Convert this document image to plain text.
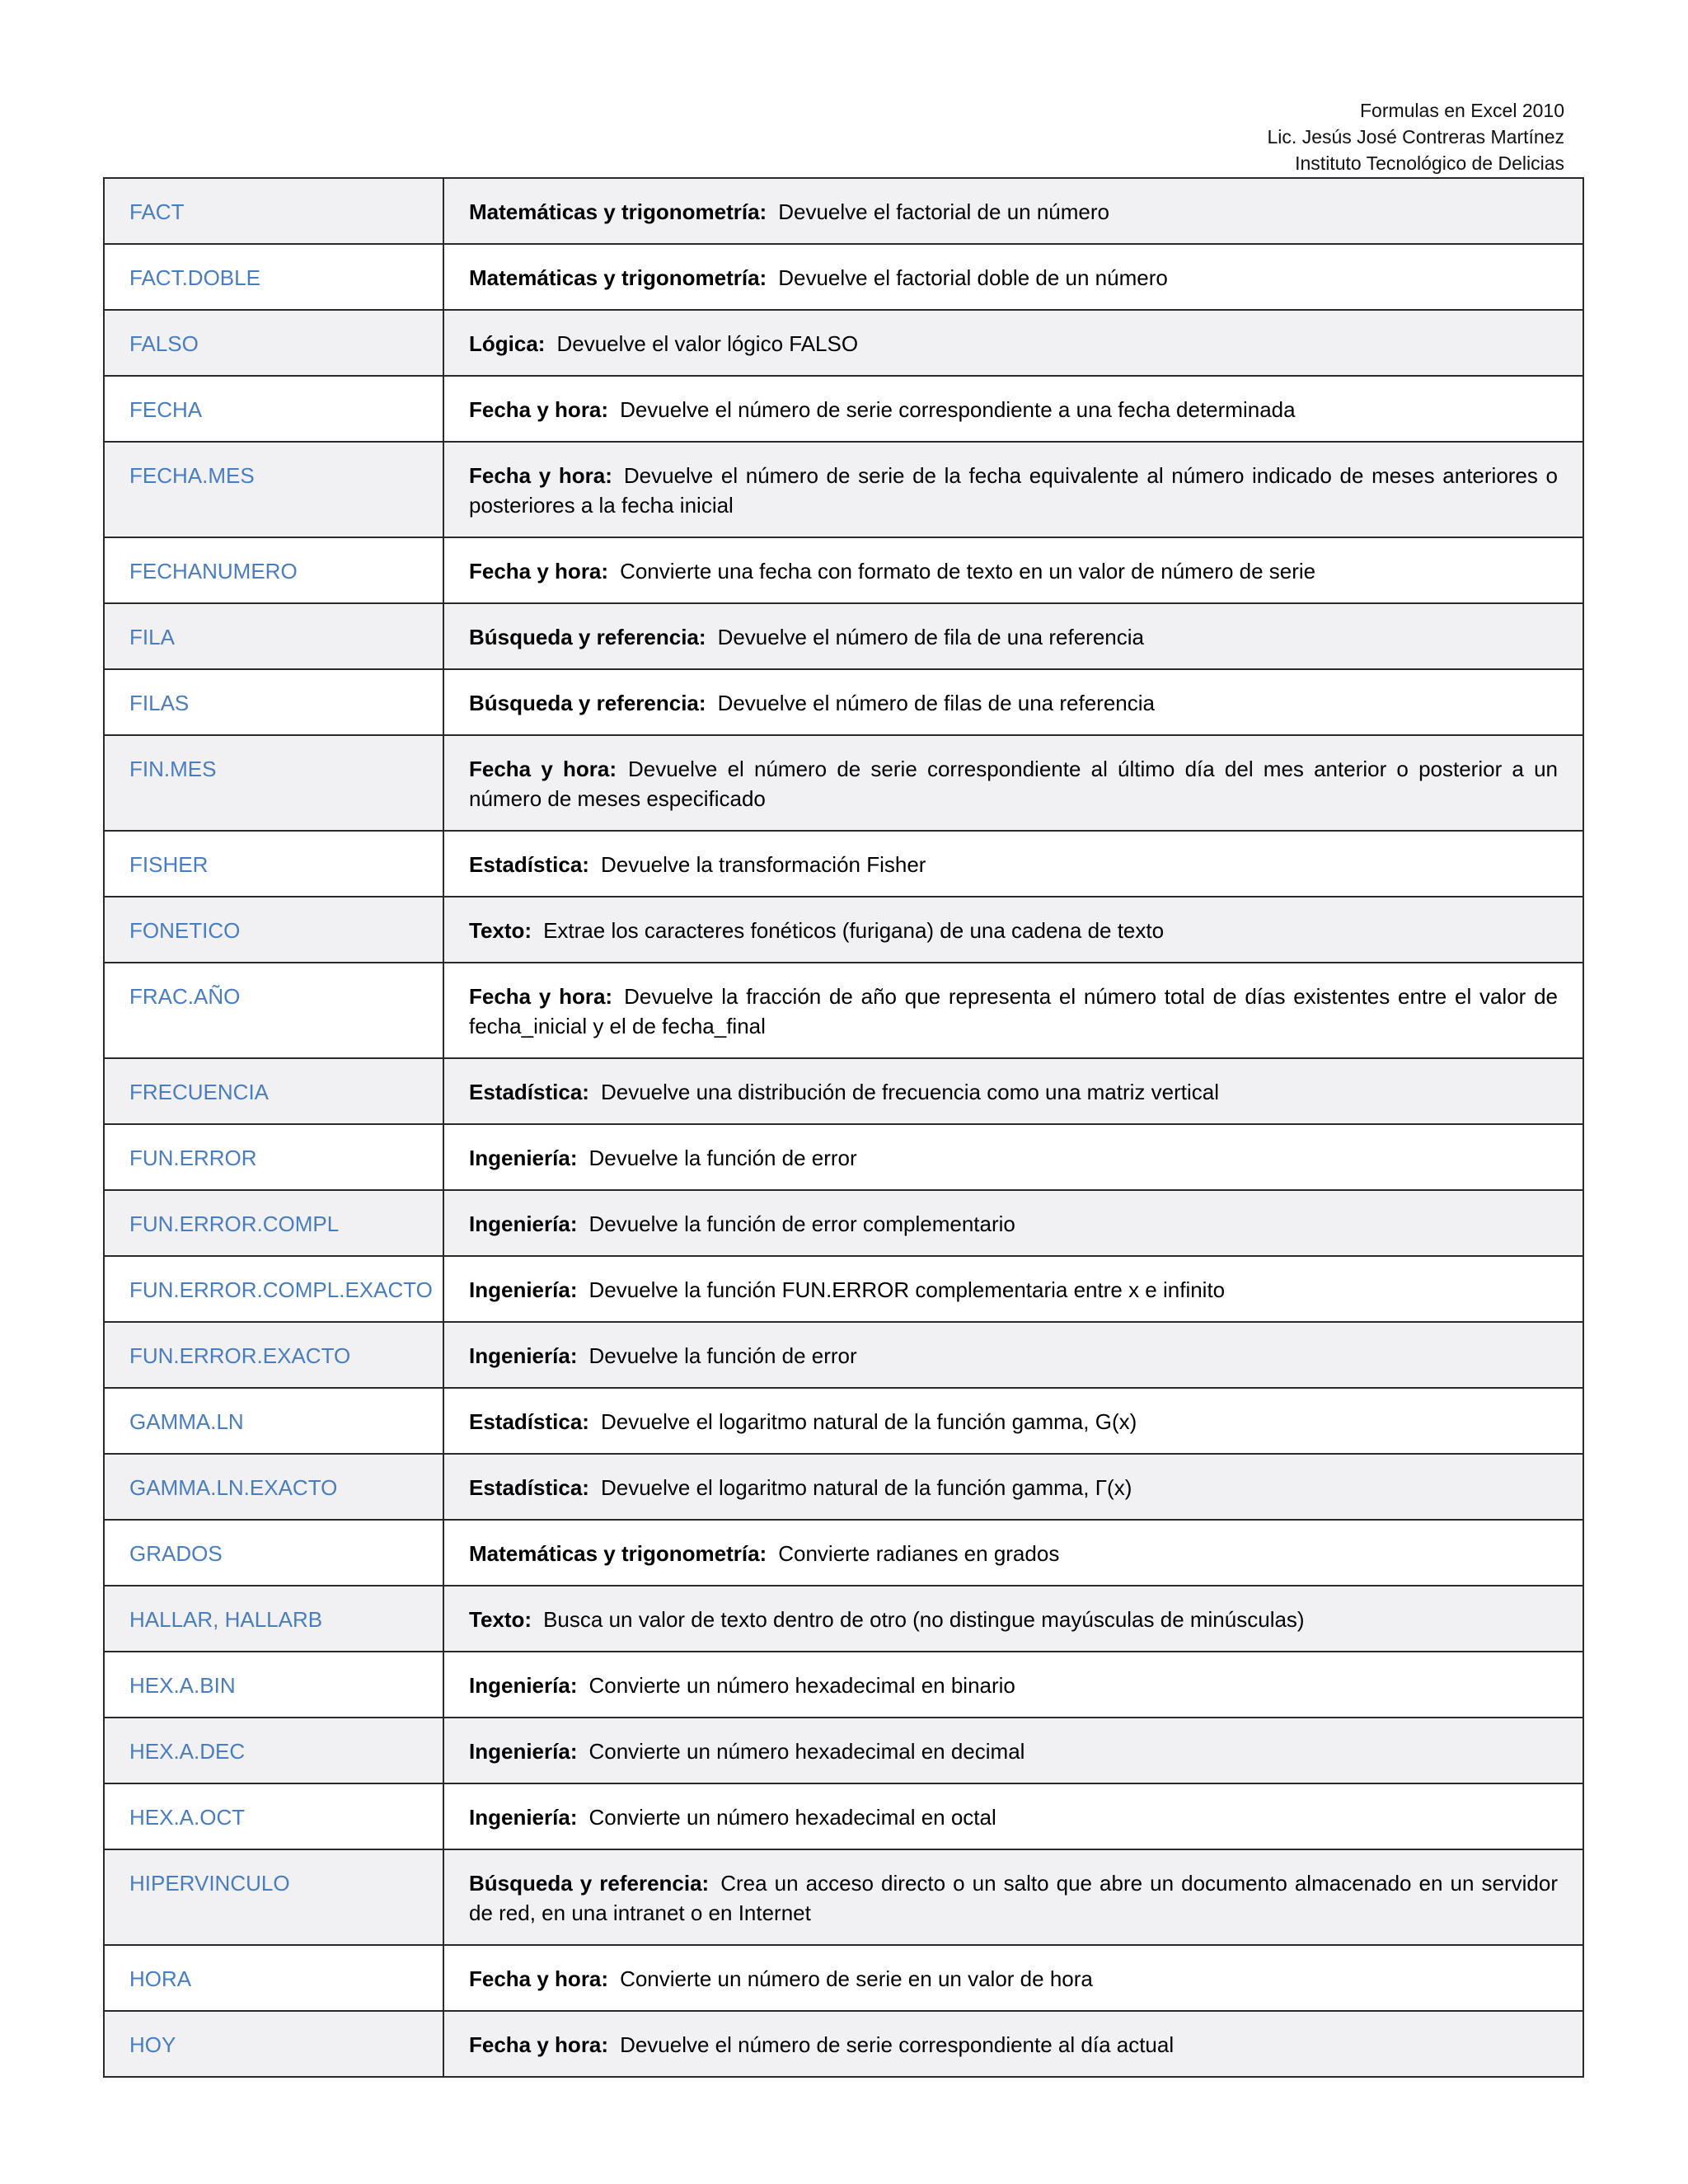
Formulas en Excel 2010
Lic. Jesús José Contreras Martínez
Instituto Tecnológico de Delicias
FACT	Matemáticas y trigonometría: Devuelve el factorial de un número
FACT.DOBLE	Matemáticas y trigonometría: Devuelve el factorial doble de un número
FALSO	Lógica: Devuelve el valor lógico FALSO
FECHA	Fecha y hora: Devuelve el número de serie correspondiente a una fecha determinada
FECHA.MES	Fecha y hora: Devuelve el número de serie de la fecha equivalente al número indicado de meses anteriores o posteriores a la fecha inicial
FECHANUMERO	Fecha y hora: Convierte una fecha con formato de texto en un valor de número de serie
FILA	Búsqueda y referencia: Devuelve el número de fila de una referencia
FILAS	Búsqueda y referencia: Devuelve el número de filas de una referencia
FIN.MES	Fecha y hora: Devuelve el número de serie correspondiente al último día del mes anterior o posterior a un número de meses especificado
FISHER	Estadística: Devuelve la transformación Fisher
FONETICO	Texto: Extrae los caracteres fonéticos (furigana) de una cadena de texto
FRAC.AÑO	Fecha y hora: Devuelve la fracción de año que representa el número total de días existentes entre el valor de fecha_inicial y el de fecha_final
FRECUENCIA	Estadística: Devuelve una distribución de frecuencia como una matriz vertical
FUN.ERROR	Ingeniería: Devuelve la función de error
FUN.ERROR.COMPL	Ingeniería: Devuelve la función de error complementario
FUN.ERROR.COMPL.EXACTO	Ingeniería: Devuelve la función FUN.ERROR complementaria entre x e infinito
FUN.ERROR.EXACTO	Ingeniería: Devuelve la función de error
GAMMA.LN	Estadística: Devuelve el logaritmo natural de la función gamma, G(x)
GAMMA.LN.EXACTO	Estadística: Devuelve el logaritmo natural de la función gamma, Γ(x)
GRADOS	Matemáticas y trigonometría: Convierte radianes en grados
HALLAR, HALLARB	Texto: Busca un valor de texto dentro de otro (no distingue mayúsculas de minúsculas)
HEX.A.BIN	Ingeniería: Convierte un número hexadecimal en binario
HEX.A.DEC	Ingeniería: Convierte un número hexadecimal en decimal
HEX.A.OCT	Ingeniería: Convierte un número hexadecimal en octal
HIPERVINCULO	Búsqueda y referencia: Crea un acceso directo o un salto que abre un documento almacenado en un servidor de red, en una intranet o en Internet
HORA	Fecha y hora: Convierte un número de serie en un valor de hora
HOY	Fecha y hora: Devuelve el número de serie correspondiente al día actual
